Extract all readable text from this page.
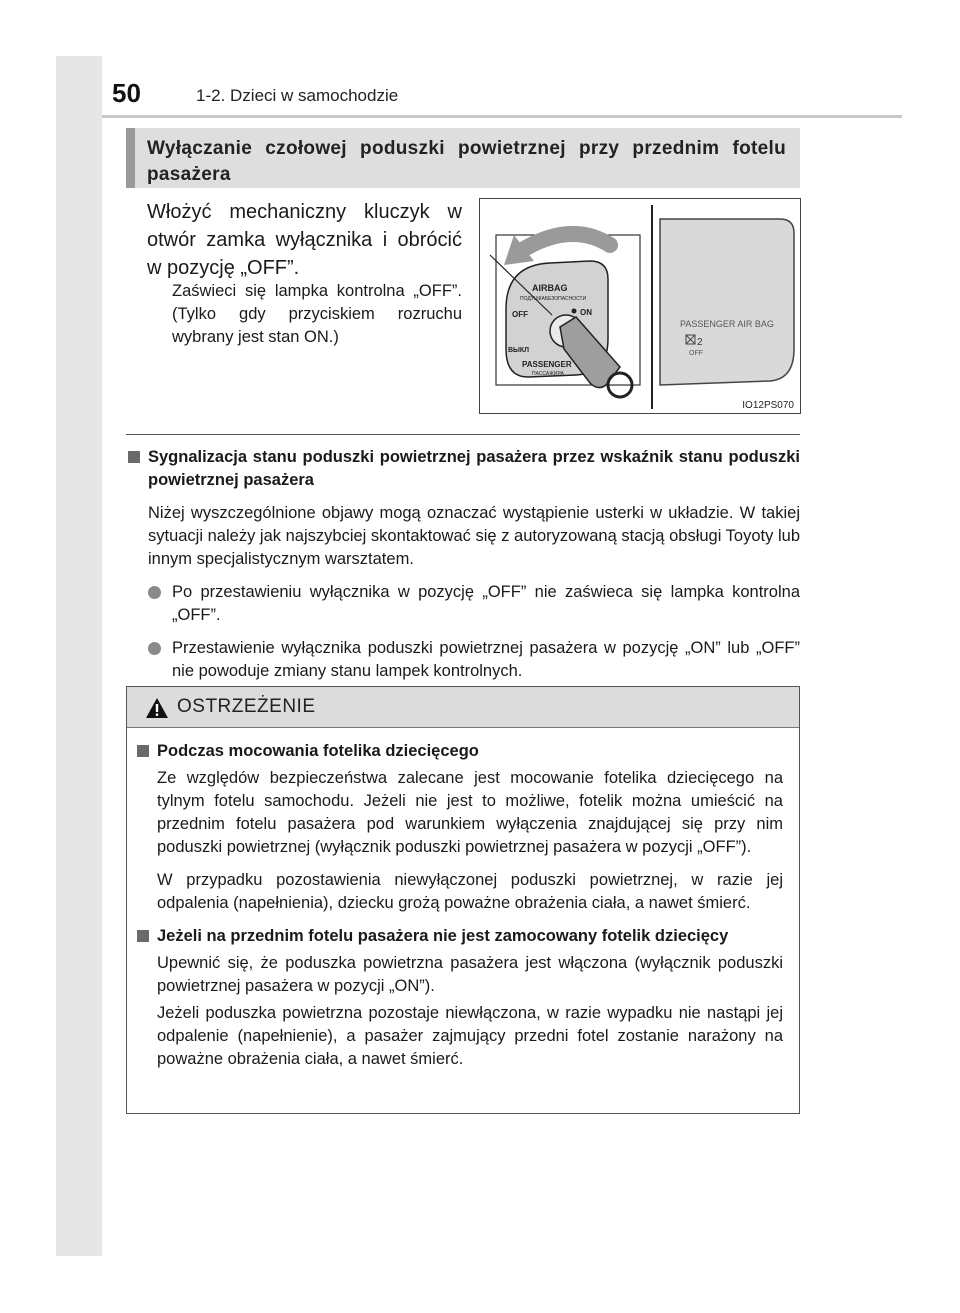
50	1-2. Dzieci w samochodzie
Wyłączanie czołowej poduszki powietrznej przy przednim fotelu pasażera
Włożyć mechaniczny kluczyk w otwór zamka wyłącznika i obrócić w pozycję „OFF”.
Zaświeci się lampka kontrolna „OFF”. (Tylko gdy przyciskiem rozruchu wybrany jest stan ON.)
PASSENGER AIR BAG
2
OFF
AIRBAG
ПОДУШКАБЕЗОПАСНОСТИ
ON
OFF
ВЫКЛ
PASSENGER
ПАССАЖИРА
IO12PS070
Sygnalizacja stanu poduszki powietrznej pasażera przez wskaźnik stanu poduszki powietrznej pasażera
Niżej wyszczególnione objawy mogą oznaczać wystąpienie usterki w układzie. W takiej sytuacji należy jak najszybciej skontaktować się z autoryzowaną stacją obsługi Toyoty lub innym specjalistycznym warsztatem.
Po przestawieniu wyłącznika w pozycję „OFF” nie zaświeca się lampka kontrolna „OFF”.
Przestawienie wyłącznika poduszki powietrznej pasażera w pozycję „ON” lub „OFF” nie powoduje zmiany stanu lampek kontrolnych.
OSTRZEŻENIE
Podczas mocowania fotelika dziecięcego
Ze względów bezpieczeństwa zalecane jest mocowanie fotelika dziecięcego na tylnym fotelu samochodu. Jeżeli nie jest to możliwe, fotelik można umieścić na przednim fotelu pasażera pod warunkiem wyłączenia znajdującej się przy nim poduszki powietrznej (wyłącznik poduszki powietrznej pasażera w pozycji „OFF”).
W przypadku pozostawienia niewyłączonej poduszki powietrznej, w razie jej odpalenia (napełnienia), dziecku grożą poważne obrażenia ciała, a nawet śmierć.
Jeżeli na przednim fotelu pasażera nie jest zamocowany fotelik dziecięcy
Upewnić się, że poduszka powietrzna pasażera jest włączona (wyłącznik poduszki powietrznej pasażera w pozycji „ON”).
Jeżeli poduszka powietrzna pozostaje niewłączona, w razie wypadku nie nastąpi jej odpalenie (napełnienie), a pasażer zajmujący przedni fotel zostanie narażony na poważne obrażenia ciała, a nawet śmierć.
